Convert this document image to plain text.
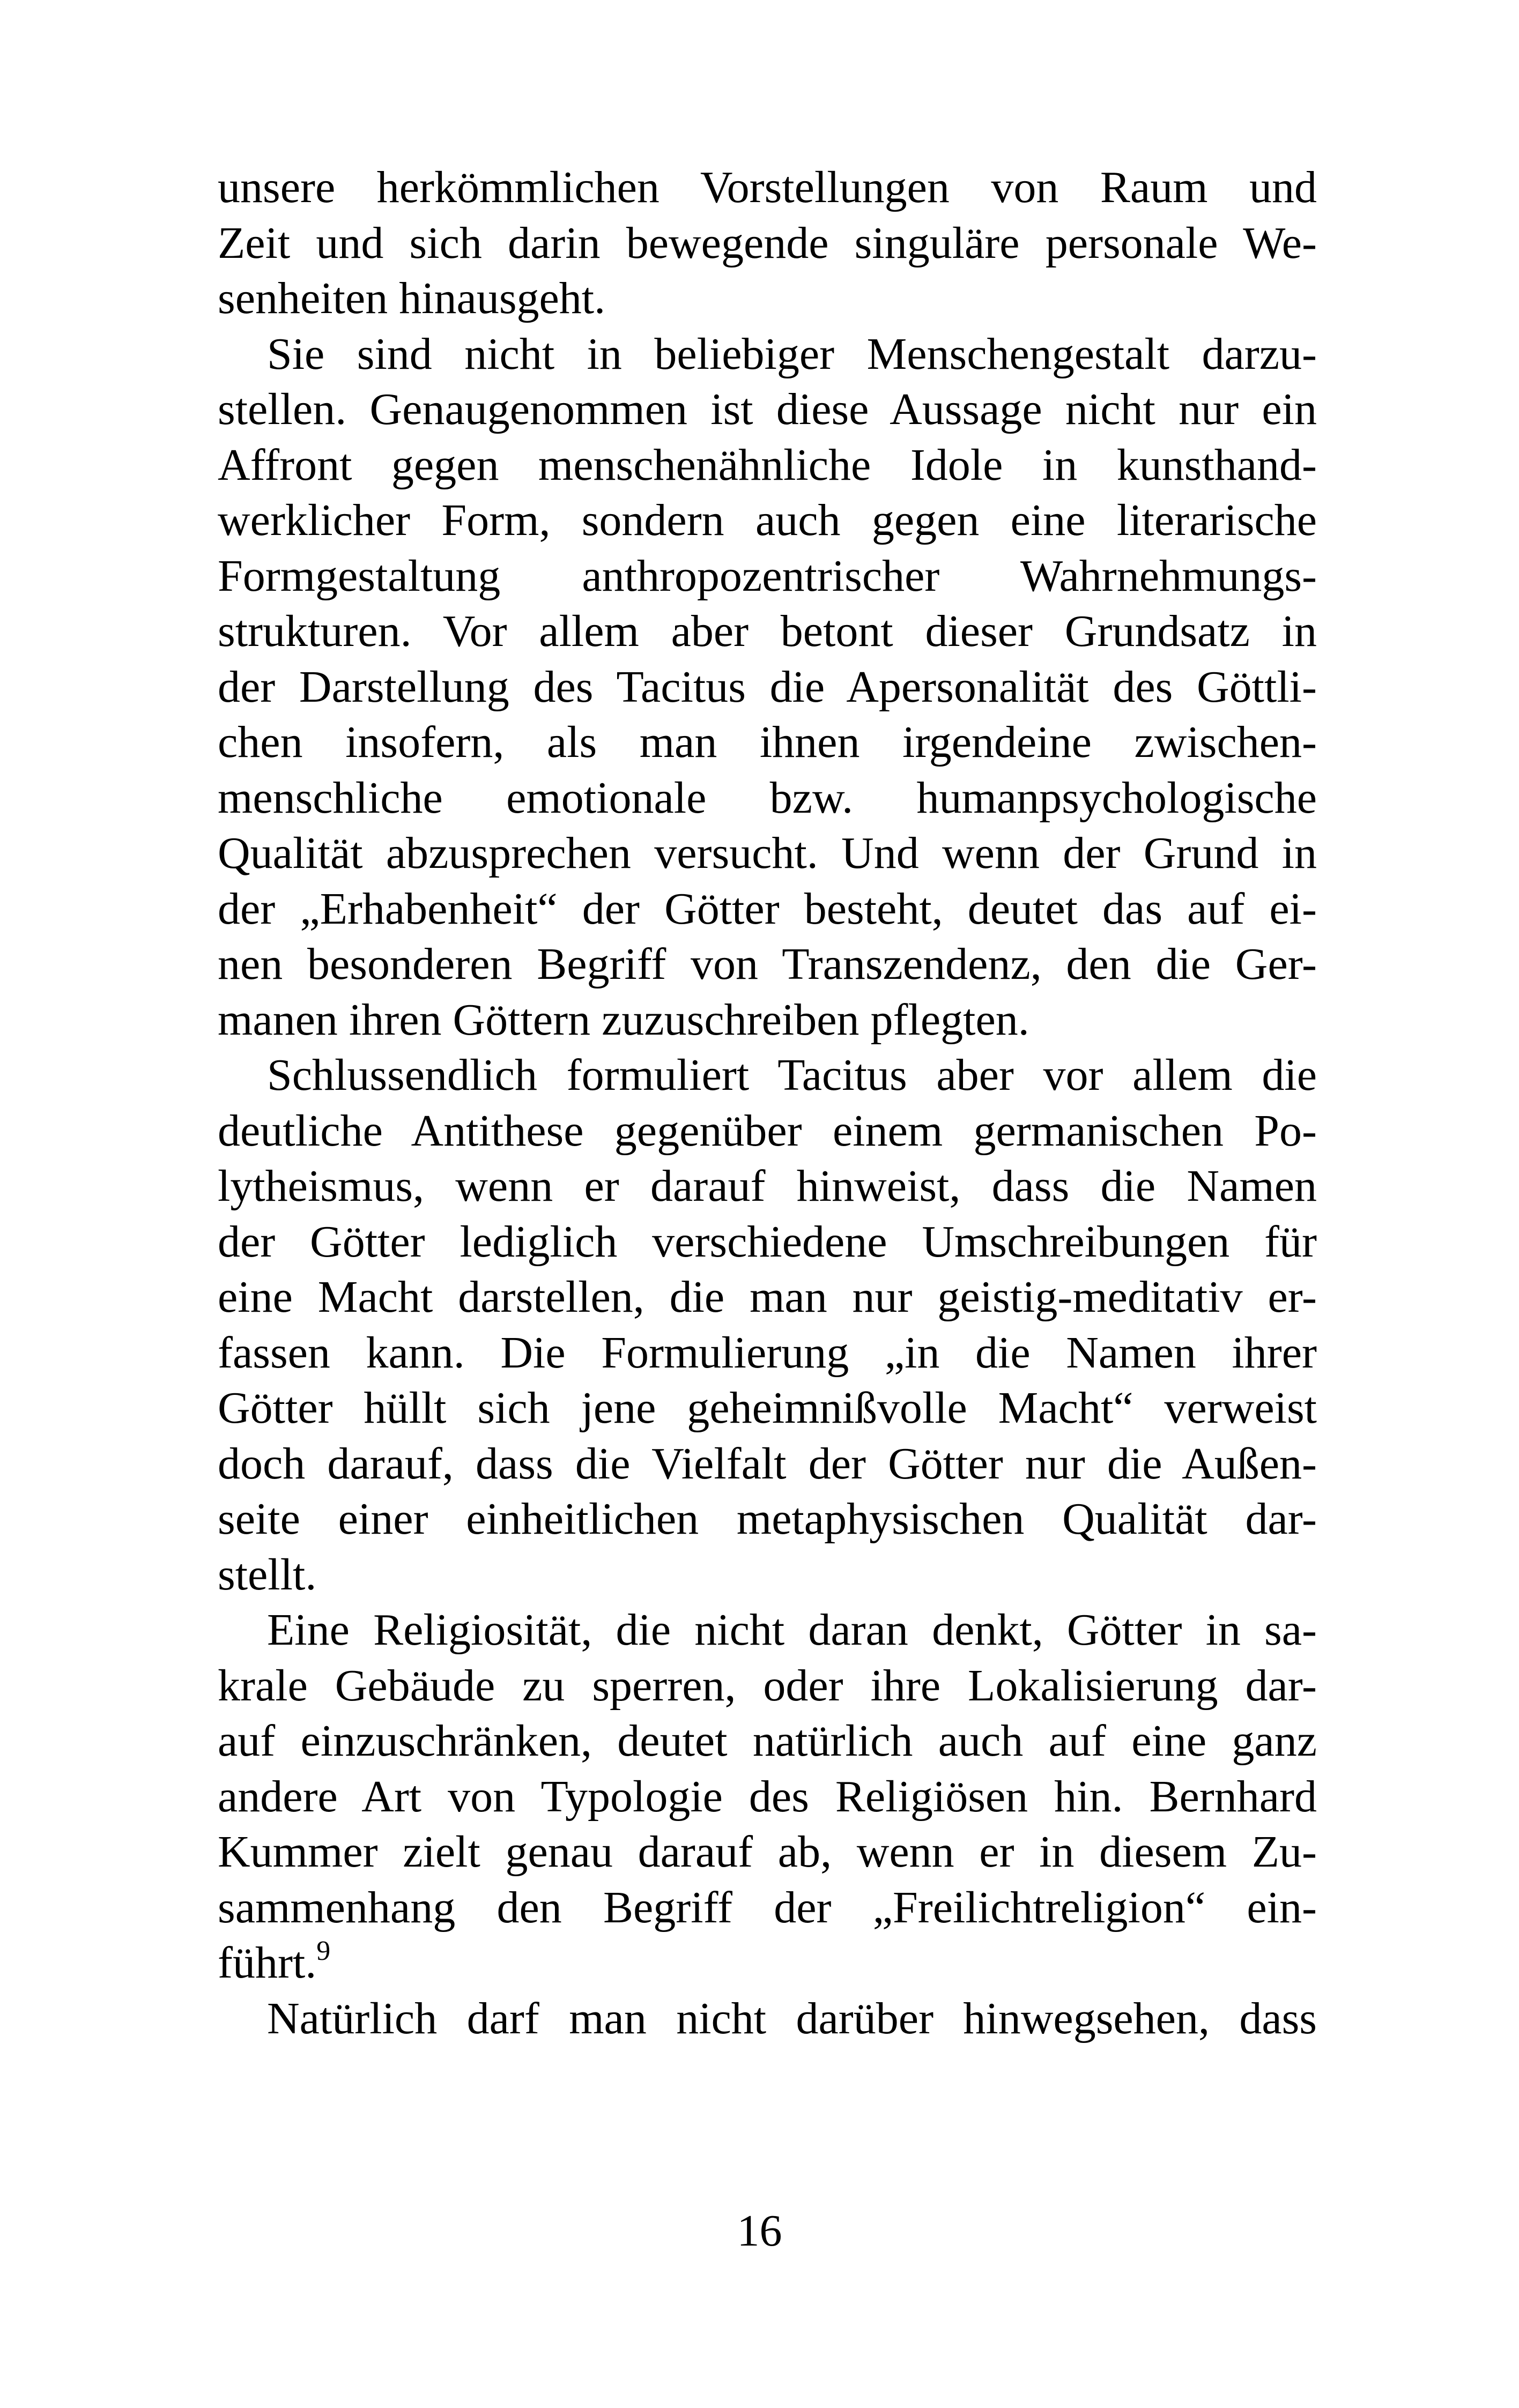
unsere herkömmlichen Vorstellungen von Raum und
Zeit und sich darin bewegende singuläre personale We-
senheiten hinausgeht.
Sie sind nicht in beliebiger Menschengestalt darzu-
stellen. Genaugenommen ist diese Aussage nicht nur ein
Affront gegen menschenähnliche Idole in kunsthand-
werklicher Form, sondern auch gegen eine literarische
Formgestaltung anthropozentrischer Wahrnehmungs-
strukturen. Vor allem aber betont dieser Grundsatz in
der Darstellung des Tacitus die Apersonalität des Göttli-
chen insofern, als man ihnen irgendeine zwischen-
menschliche emotionale bzw. humanpsychologische
Qualität abzusprechen versucht. Und wenn der Grund in
der „Erhabenheit“ der Götter besteht, deutet das auf ei-
nen besonderen Begriff von Transzendenz, den die Ger-
manen ihren Göttern zuzuschreiben pflegten.
Schlussendlich formuliert Tacitus aber vor allem die
deutliche Antithese gegenüber einem germanischen Po-
lytheismus, wenn er darauf hinweist, dass die Namen
der Götter lediglich verschiedene Umschreibungen für
eine Macht darstellen, die man nur geistig-meditativ er-
fassen kann. Die Formulierung „in die Namen ihrer
Götter hüllt sich jene geheimnißvolle Macht“ verweist
doch darauf, dass die Vielfalt der Götter nur die Außen-
seite einer einheitlichen metaphysischen Qualität dar-
stellt.
Eine Religiosität, die nicht daran denkt, Götter in sa-
krale Gebäude zu sperren, oder ihre Lokalisierung dar-
auf einzuschränken, deutet natürlich auch auf eine ganz
andere Art von Typologie des Religiösen hin. Bernhard
Kummer zielt genau darauf ab, wenn er in diesem Zu-
sammenhang den Begriff der „Freilichtreligion“ ein-
führt.$^9$
Natürlich darf man nicht darüber hinwegsehen, dass
16
